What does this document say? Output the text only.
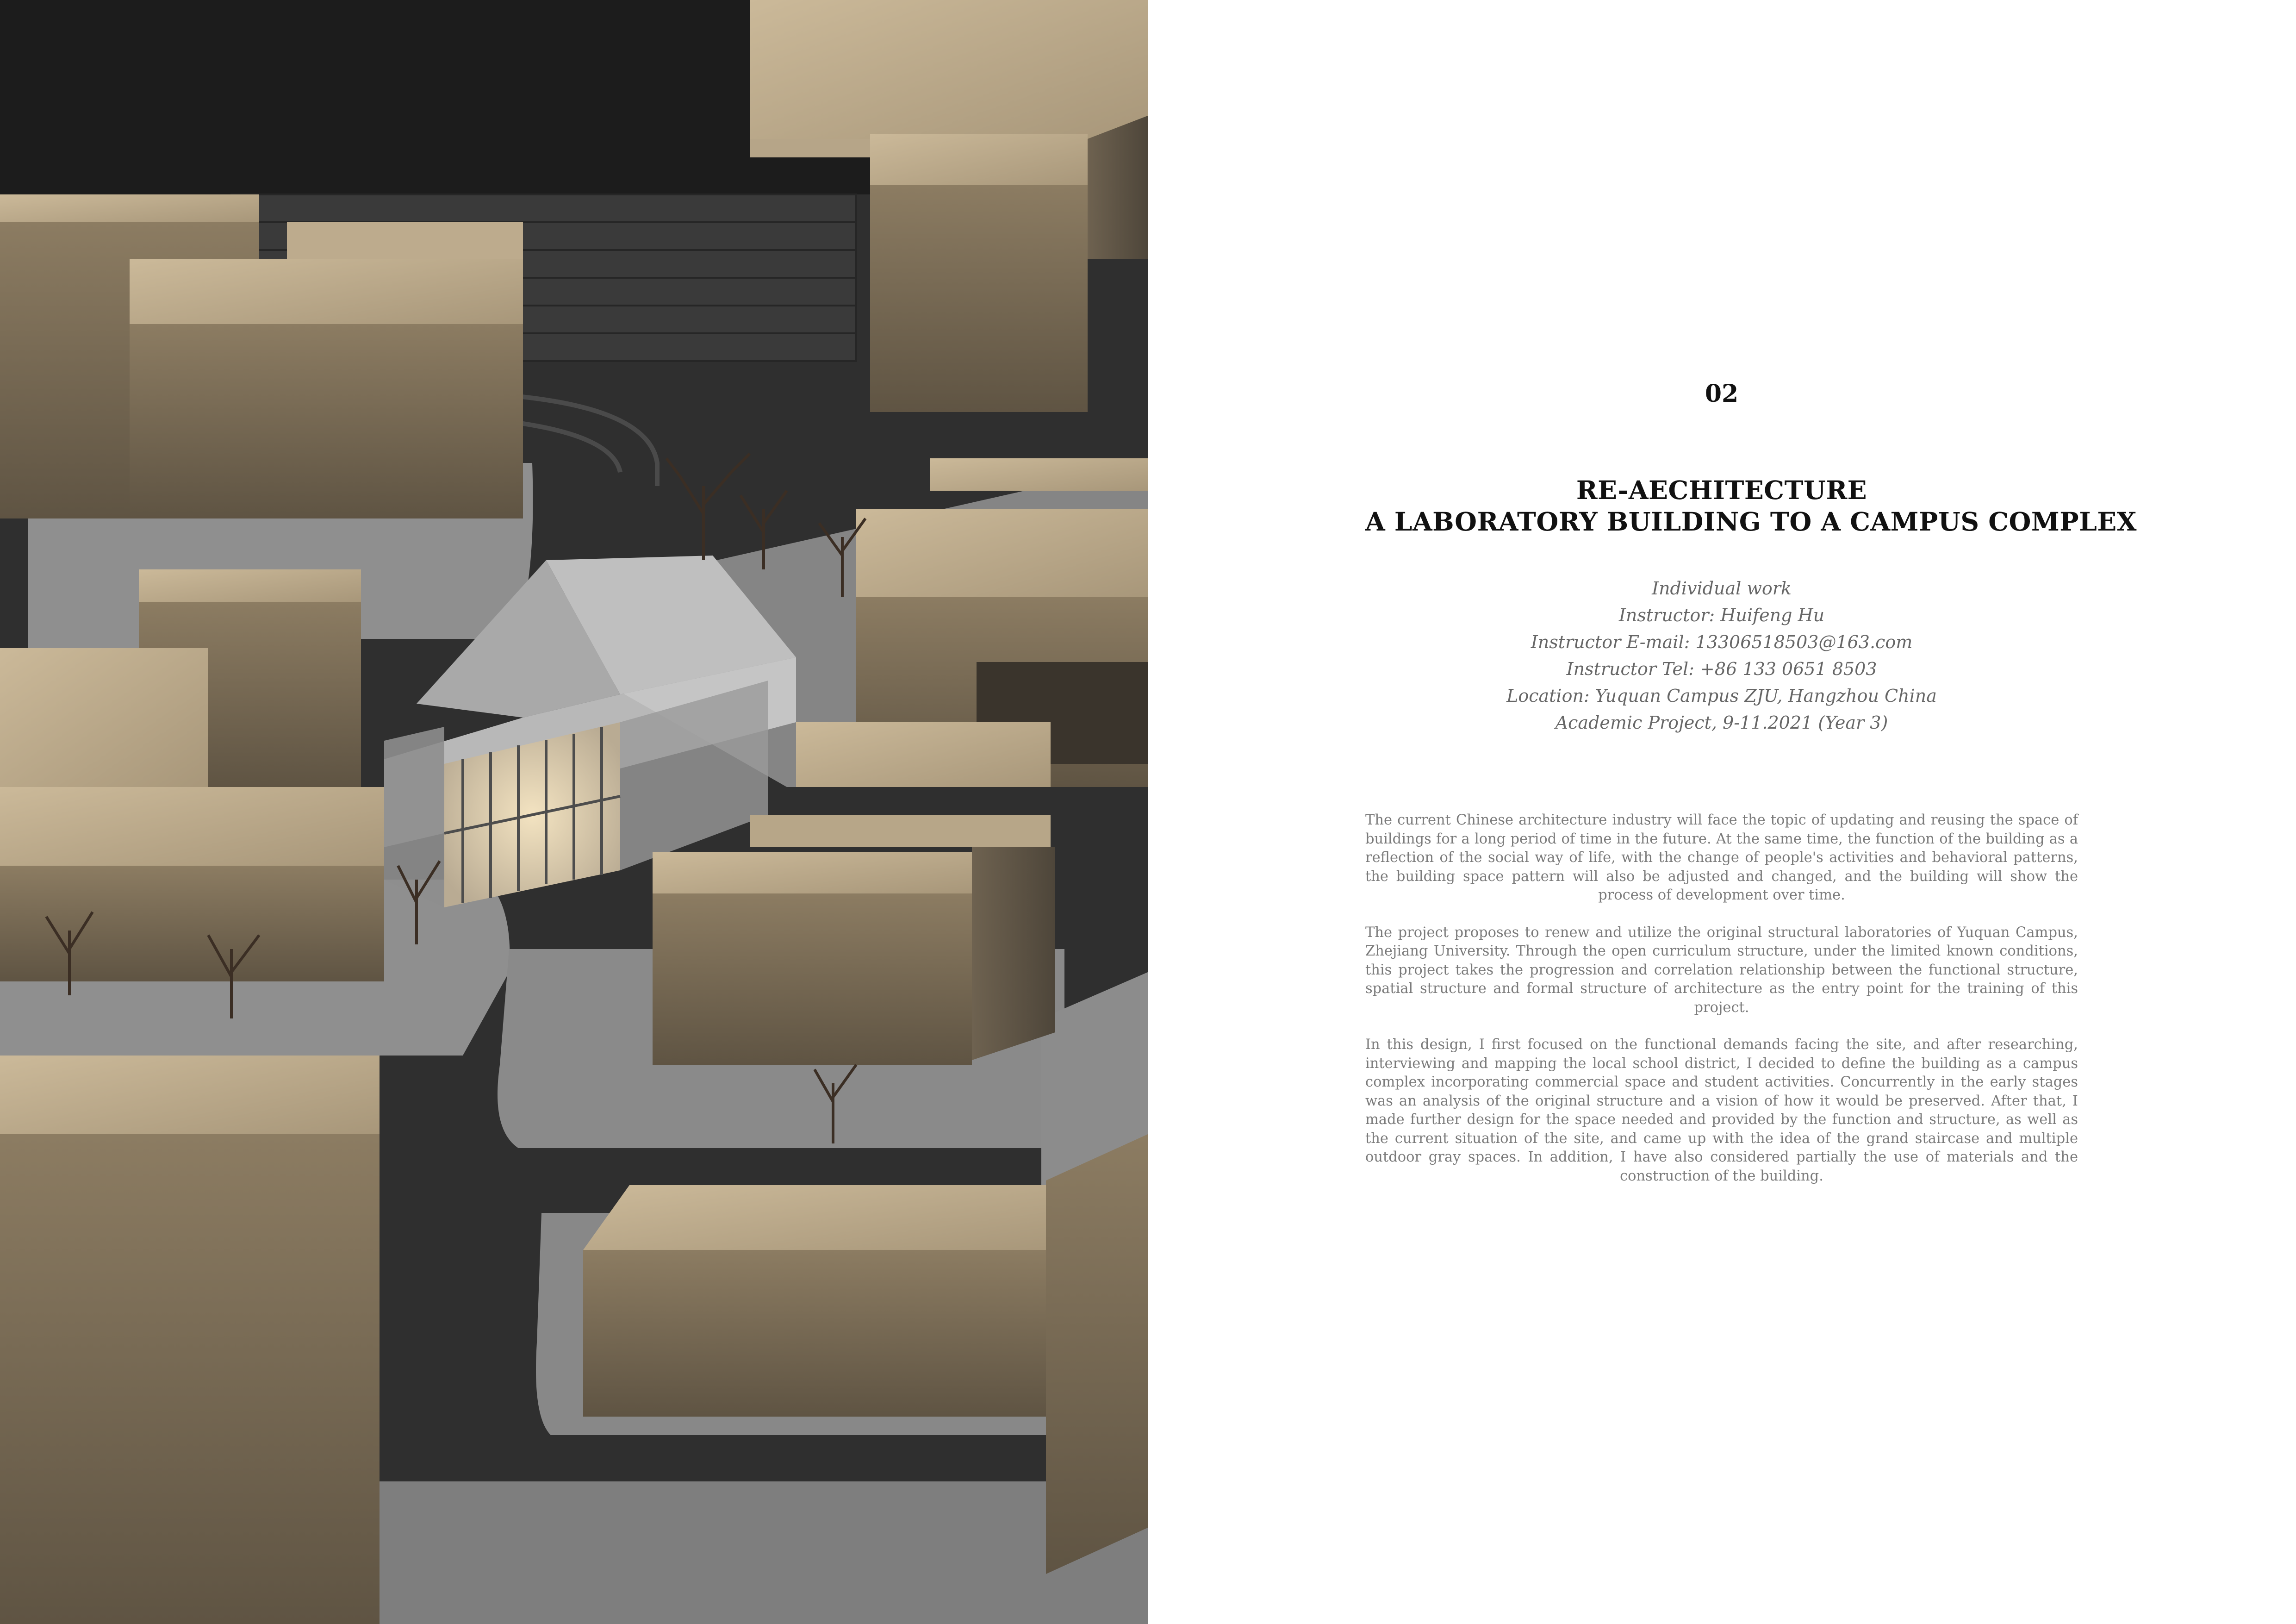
02
RE-AECHITECTURE
A LABORATORY BUILDING TO A CAMPUS COMPLEX
Individual work
Instructor: Huifeng Hu
Instructor E-mail: 13306518503@163.com
Instructor Tel: +86 133 0651 8503
Location: Yuquan Campus ZJU, Hangzhou China
Academic Project, 9-11.2021 (Year 3)

The current Chinese architecture industry will face the topic of updating and reusing the space of buildings for a long period of time in the future. At the same time, the function of the building as a reflection of the social way of life, with the change of people's activities and behavioral patterns, the building space pattern will also be adjusted and changed, and the building will show the process of development over time.

The project proposes to renew and utilize the original structural laboratories of Yuquan Campus, Zhejiang University. Through the open curriculum structure, under the limited known conditions, this project takes the progression and correlation relationship between the functional structure, spatial structure and formal structure of architecture as the entry point for the training of this project.

In this design, I first focused on the functional demands facing the site, and after researching, interviewing and mapping the local school district, I decided to define the building as a campus complex incorporating commercial space and student activities. Concurrently in the early stages was an analysis of the original structure and a vision of how it would be preserved. After that, I made further design for the space needed and provided by the function and structure, as well as the current situation of the site, and came up with the idea of the grand staircase and multiple outdoor gray spaces. In addition, I have also considered partially the use of materials and the construction of the building.
